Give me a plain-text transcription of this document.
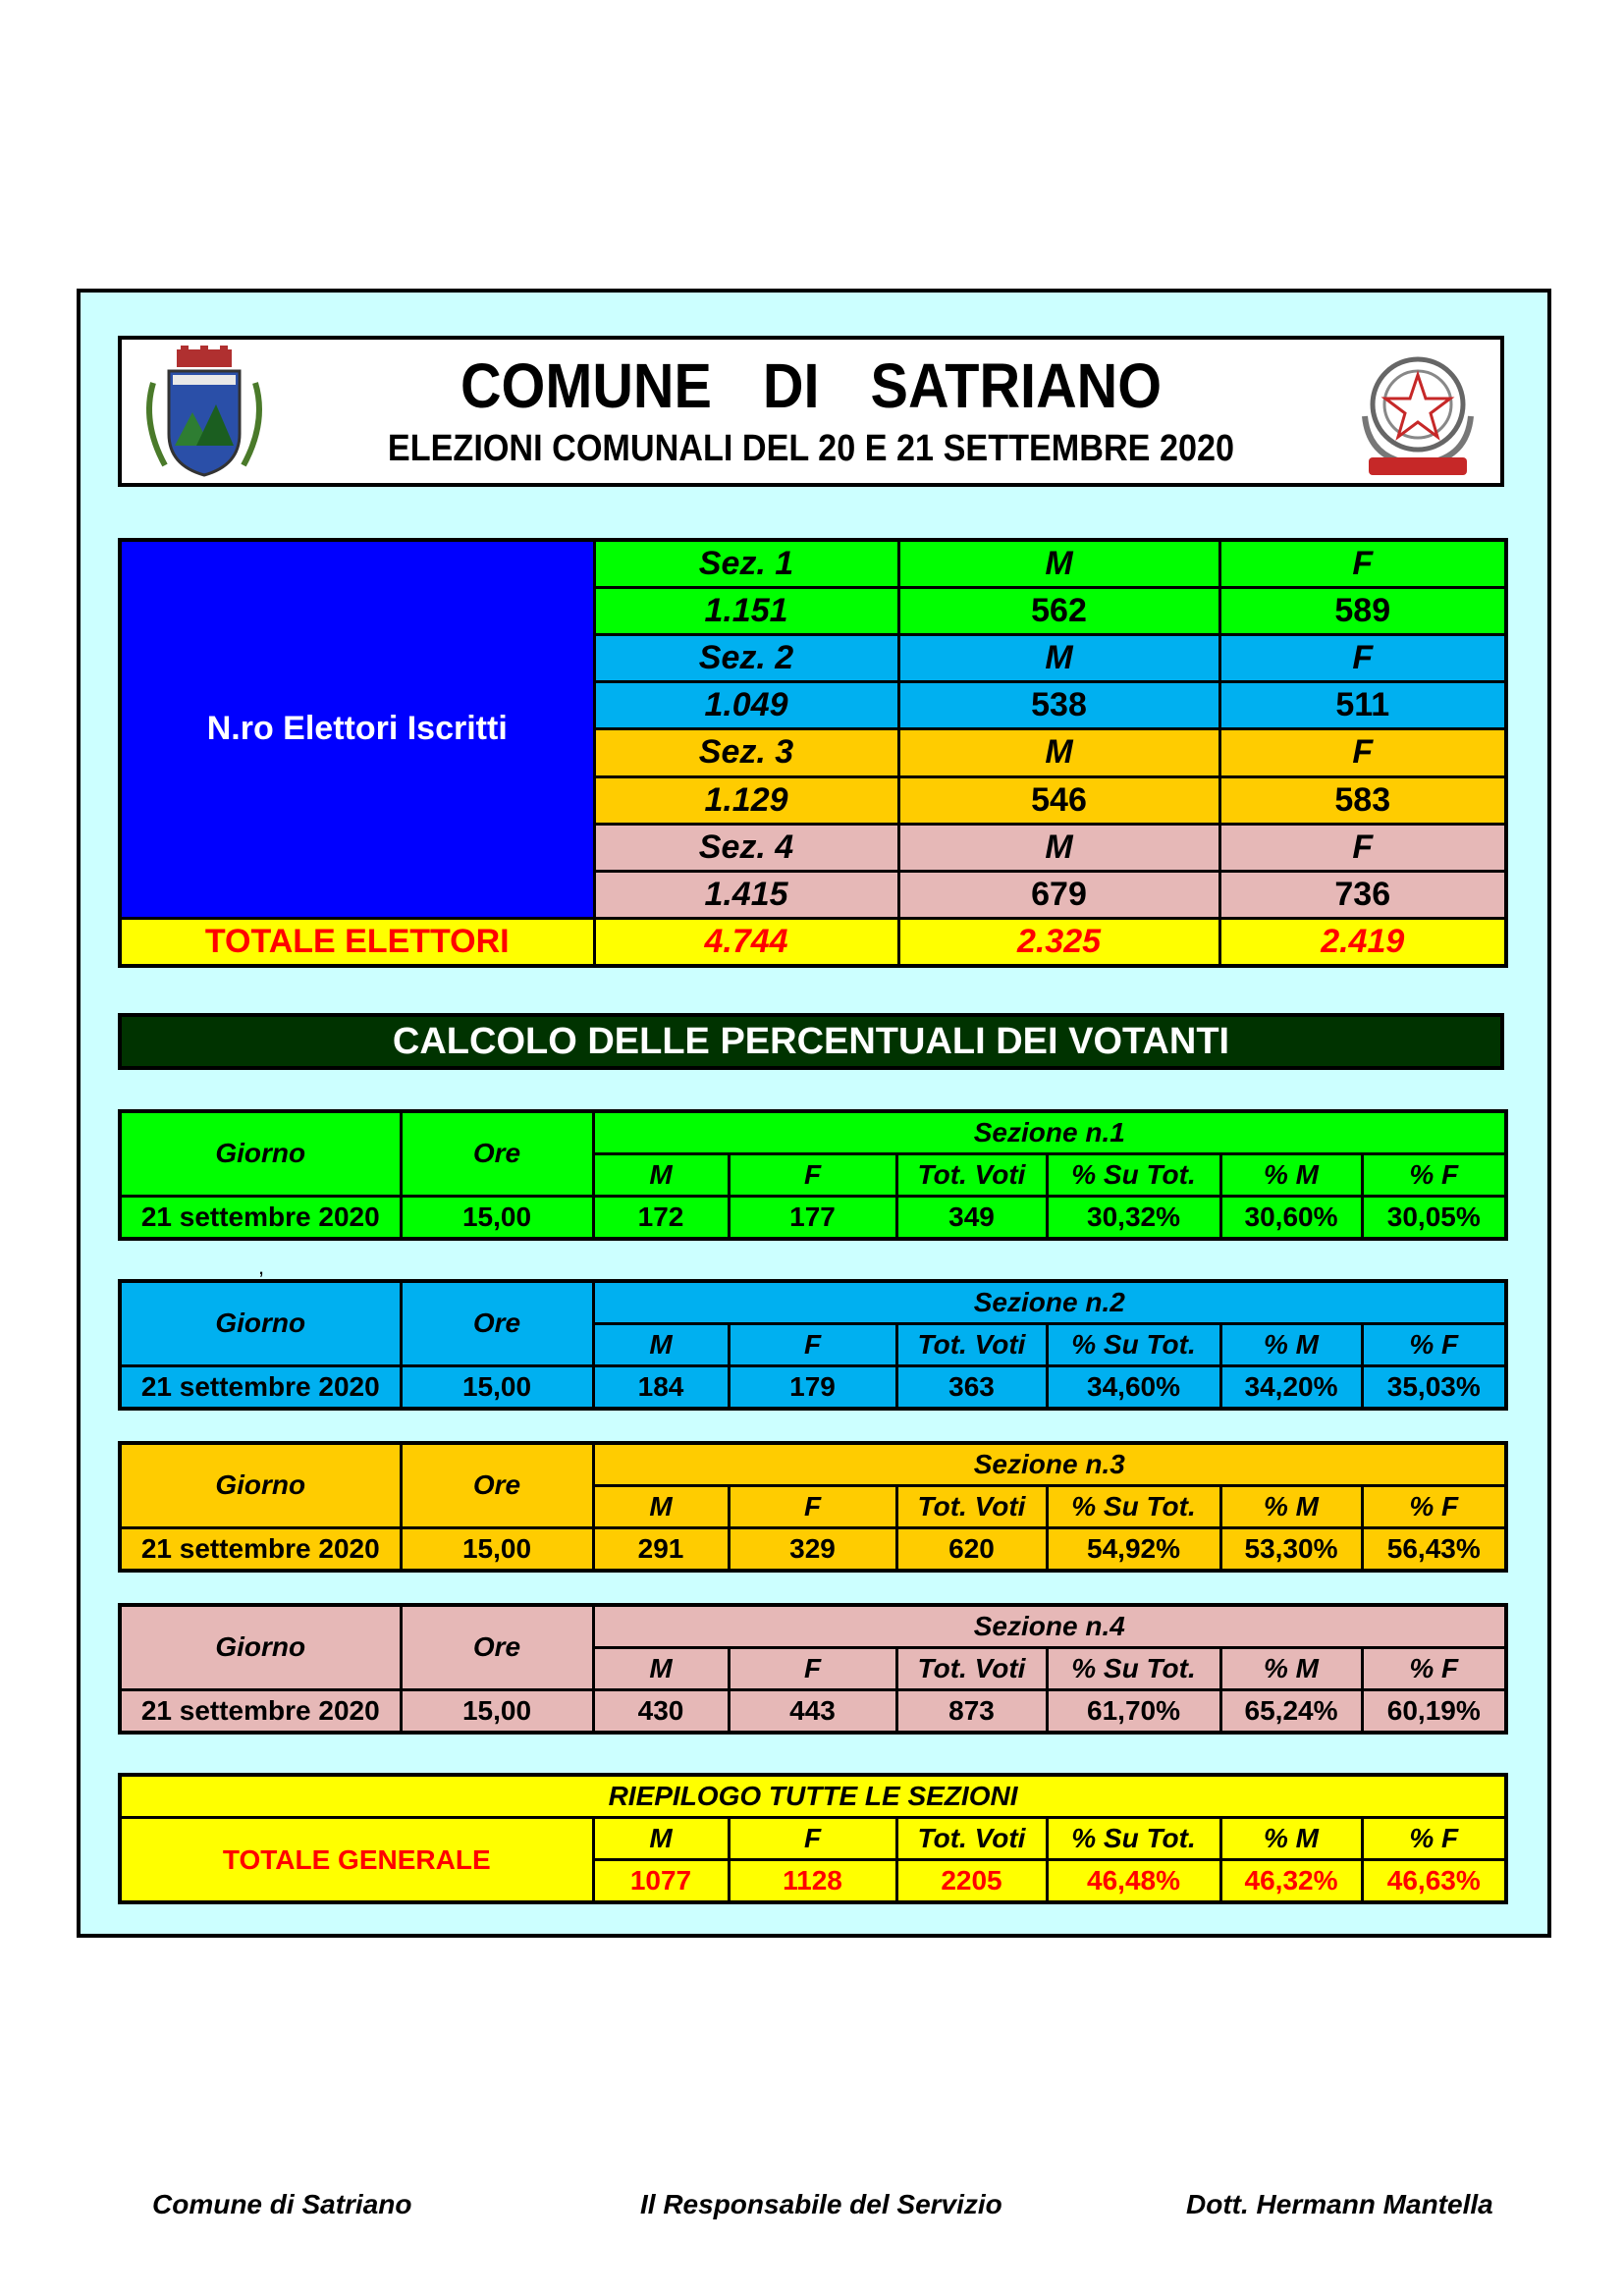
COMUNE DI SATRIANO
ELEZIONI COMUNALI DEL 20 E 21 SETTEMBRE 2020
N.ro Elettori Iscritti	Sez. 1	M	F
	1.151	562	589
	Sez. 2	M	F
	1.049	538	511
	Sez. 3	M	F
	1.129	546	583
	Sez. 4	M	F
	1.415	679	736
TOTALE ELETTORI	4.744	2.325	2.419
CALCOLO DELLE PERCENTUALI DEI VOTANTI
Giorno	Ore	Sezione n.1					
		M	F	Tot. Voti	% Su Tot.	% M	% F
21 settembre 2020	15,00	172	177	349	30,32%	30,60%	30,05%
,
Giorno	Ore	Sezione n.2					
		M	F	Tot. Voti	% Su Tot.	% M	% F
21 settembre 2020	15,00	184	179	363	34,60%	34,20%	35,03%
Giorno	Ore	Sezione n.3					
		M	F	Tot. Voti	% Su Tot.	% M	% F
21 settembre 2020	15,00	291	329	620	54,92%	53,30%	56,43%
Giorno	Ore	Sezione n.4					
		M	F	Tot. Voti	% Su Tot.	% M	% F
21 settembre 2020	15,00	430	443	873	61,70%	65,24%	60,19%
RIEPILOGO TUTTE LE SEZIONI						
TOTALE GENERALE	M	F	Tot. Voti	% Su Tot.	% M	% F
	1077	1128	2205	46,48%	46,32%	46,63%
Comune di Satriano	Il Responsabile del Servizio	Dott. Hermann Mantella
